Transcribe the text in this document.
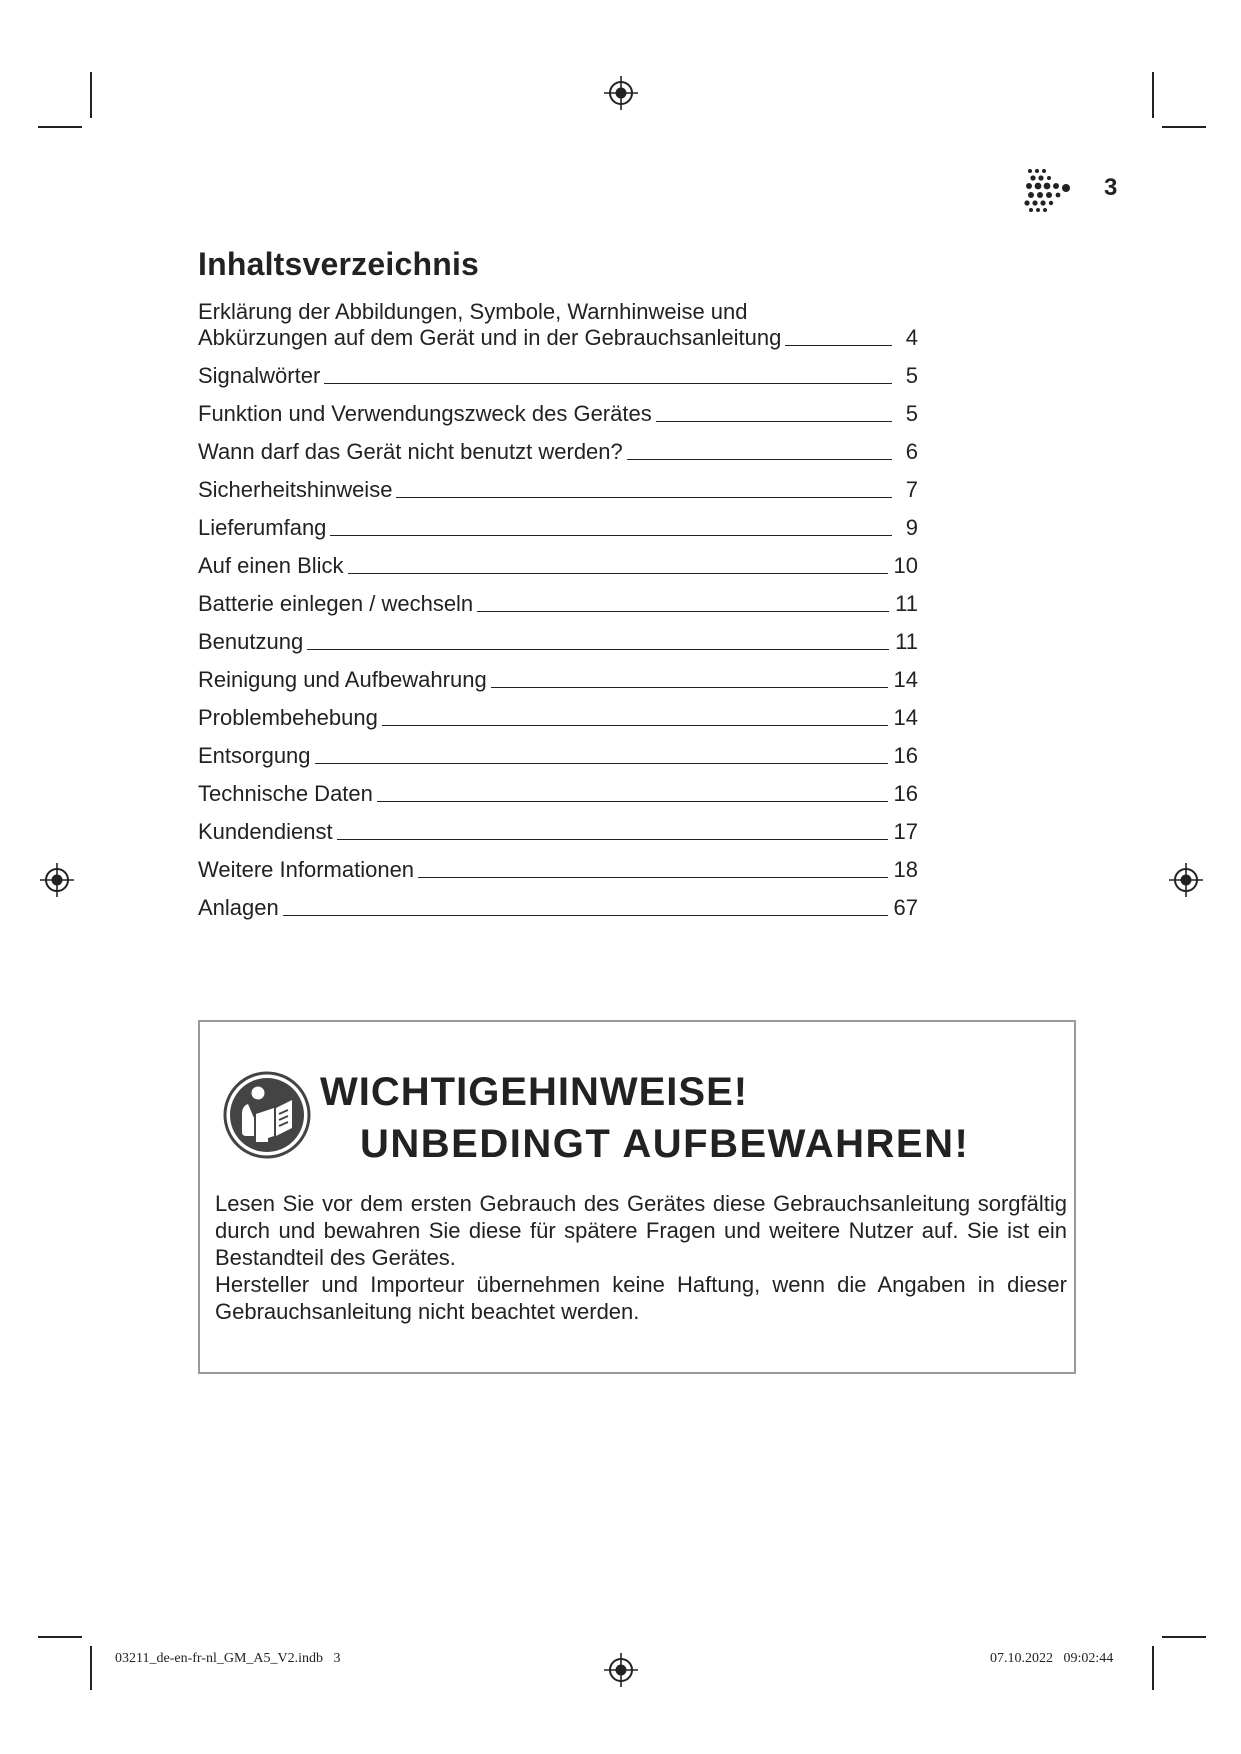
3
Inhaltsverzeichnis
Erklärung der Abbildungen, Symbole, Warnhinweise und
Abkürzungen auf dem Gerät und in der Gebrauchsanleitung	4
Signalwörter	5
Funktion und Verwendungszweck des Gerätes	5
Wann darf das Gerät nicht benutzt werden?	6
Sicherheitshinweise	7
Lieferumfang	9
Auf einen Blick	10
Batterie einlegen / wechseln	11
Benutzung	11
Reinigung und Aufbewahrung	14
Problembehebung	14
Entsorgung	16
Technische Daten	16
Kundendienst	17
Weitere Informationen	18
Anlagen	67
WICHTIGEHINWEISE!
UNBEDINGT AUFBEWAHREN!

Lesen Sie vor dem ersten Gebrauch des Gerätes diese Gebrauchsanleitung sorgfältig durch und bewahren Sie diese für spätere Fragen und weitere Nutzer auf. Sie ist ein Bestandteil des Gerätes.

Hersteller und Importeur übernehmen keine Haftung, wenn die Angaben in dieser Gebrauchsanleitung nicht beachtet werden.

03211_de-en-fr-nl_GM_A5_V2.indb   3	07.10.2022   09:02:44
